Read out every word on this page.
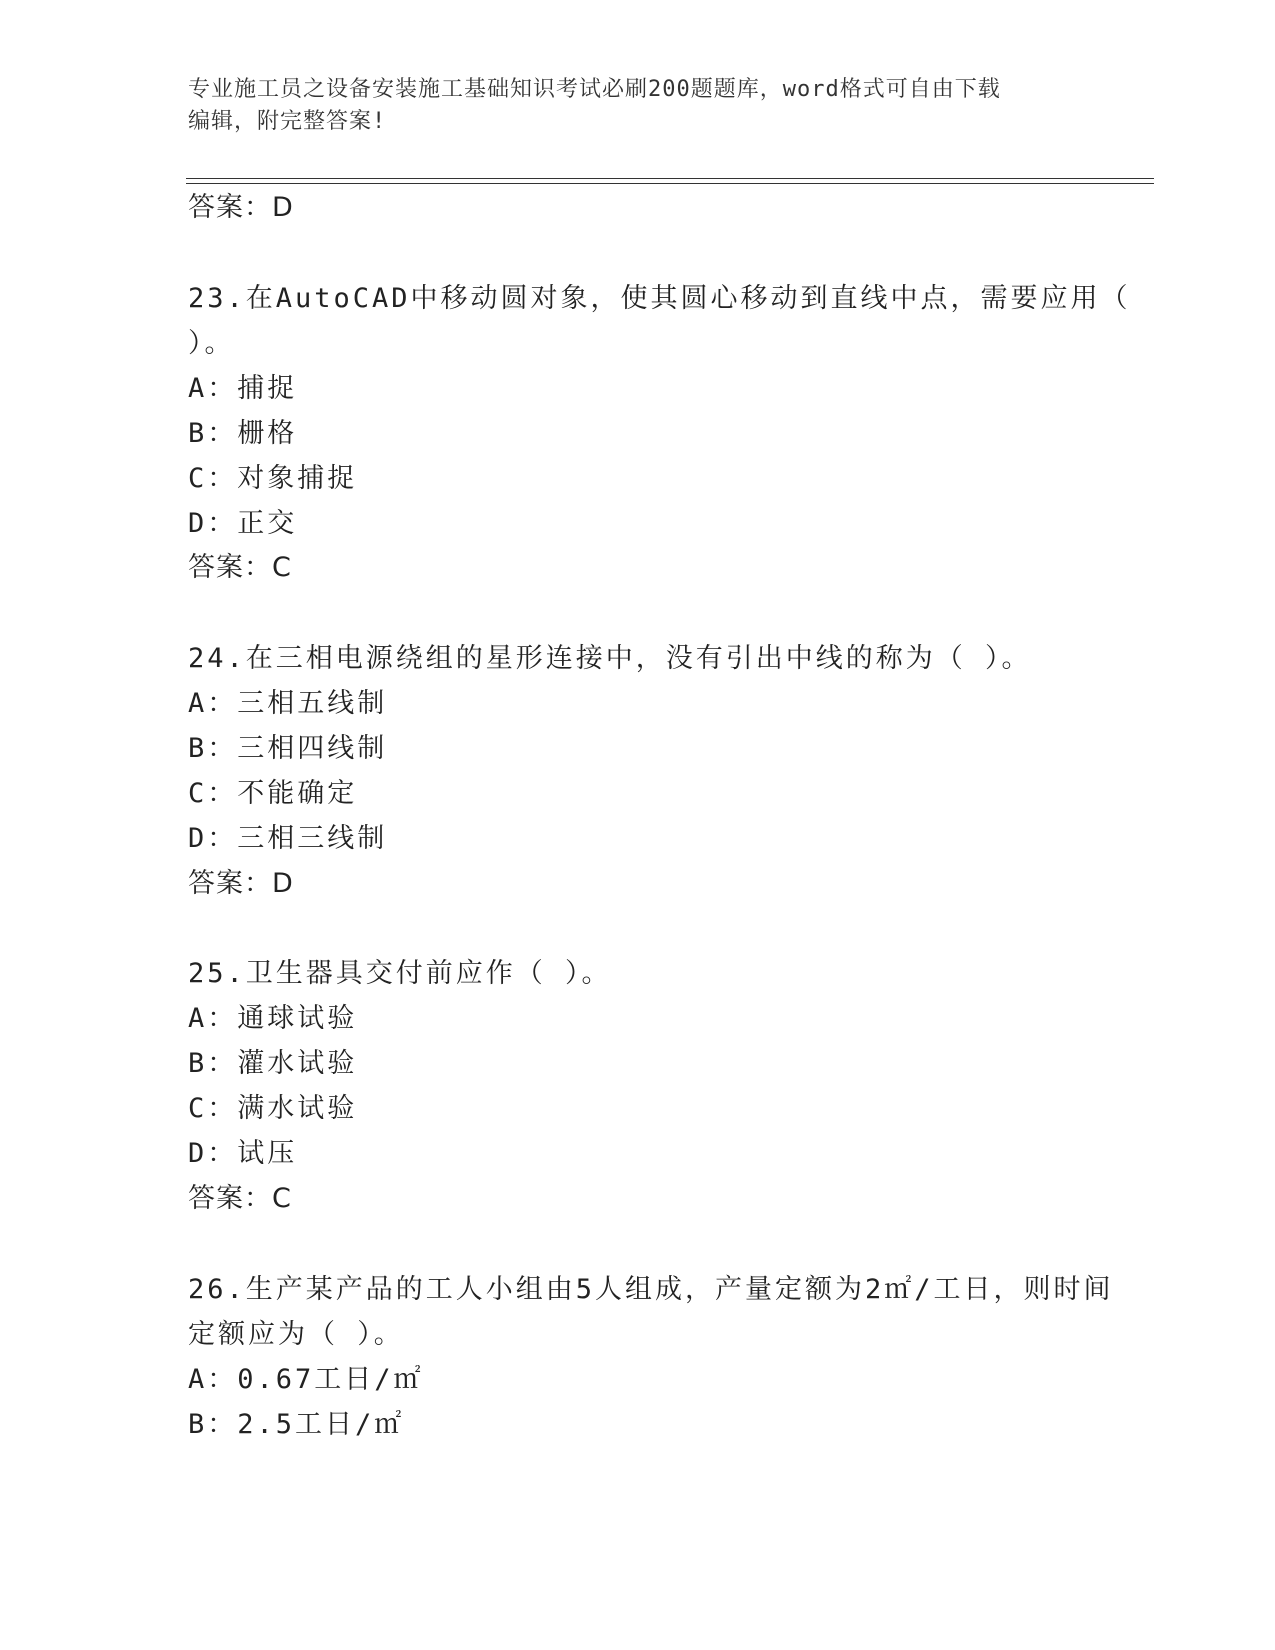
专业施工员之设备安装施工基础知识考试必刷200题题库，word格式可自由下载
编辑，附完整答案!
答案：D
23.在AutoCAD中移动圆对象，使其圆心移动到直线中点，需要应用（
）。
A：捕捉
B：栅格
C：对象捕捉
D：正交
答案：C
24.在三相电源绕组的星形连接中，没有引出中线的称为（ ）。
A：三相五线制
B：三相四线制
C：不能确定
D：三相三线制
答案：D
25.卫生器具交付前应作（ ）。
A：通球试验
B：灌水试验
C：满水试验
D：试压
答案：C
26.生产某产品的工人小组由5人组成，产量定额为2㎡/工日，则时间
定额应为（ ）。
A：0.67工日/㎡
B：2.5工日/㎡
